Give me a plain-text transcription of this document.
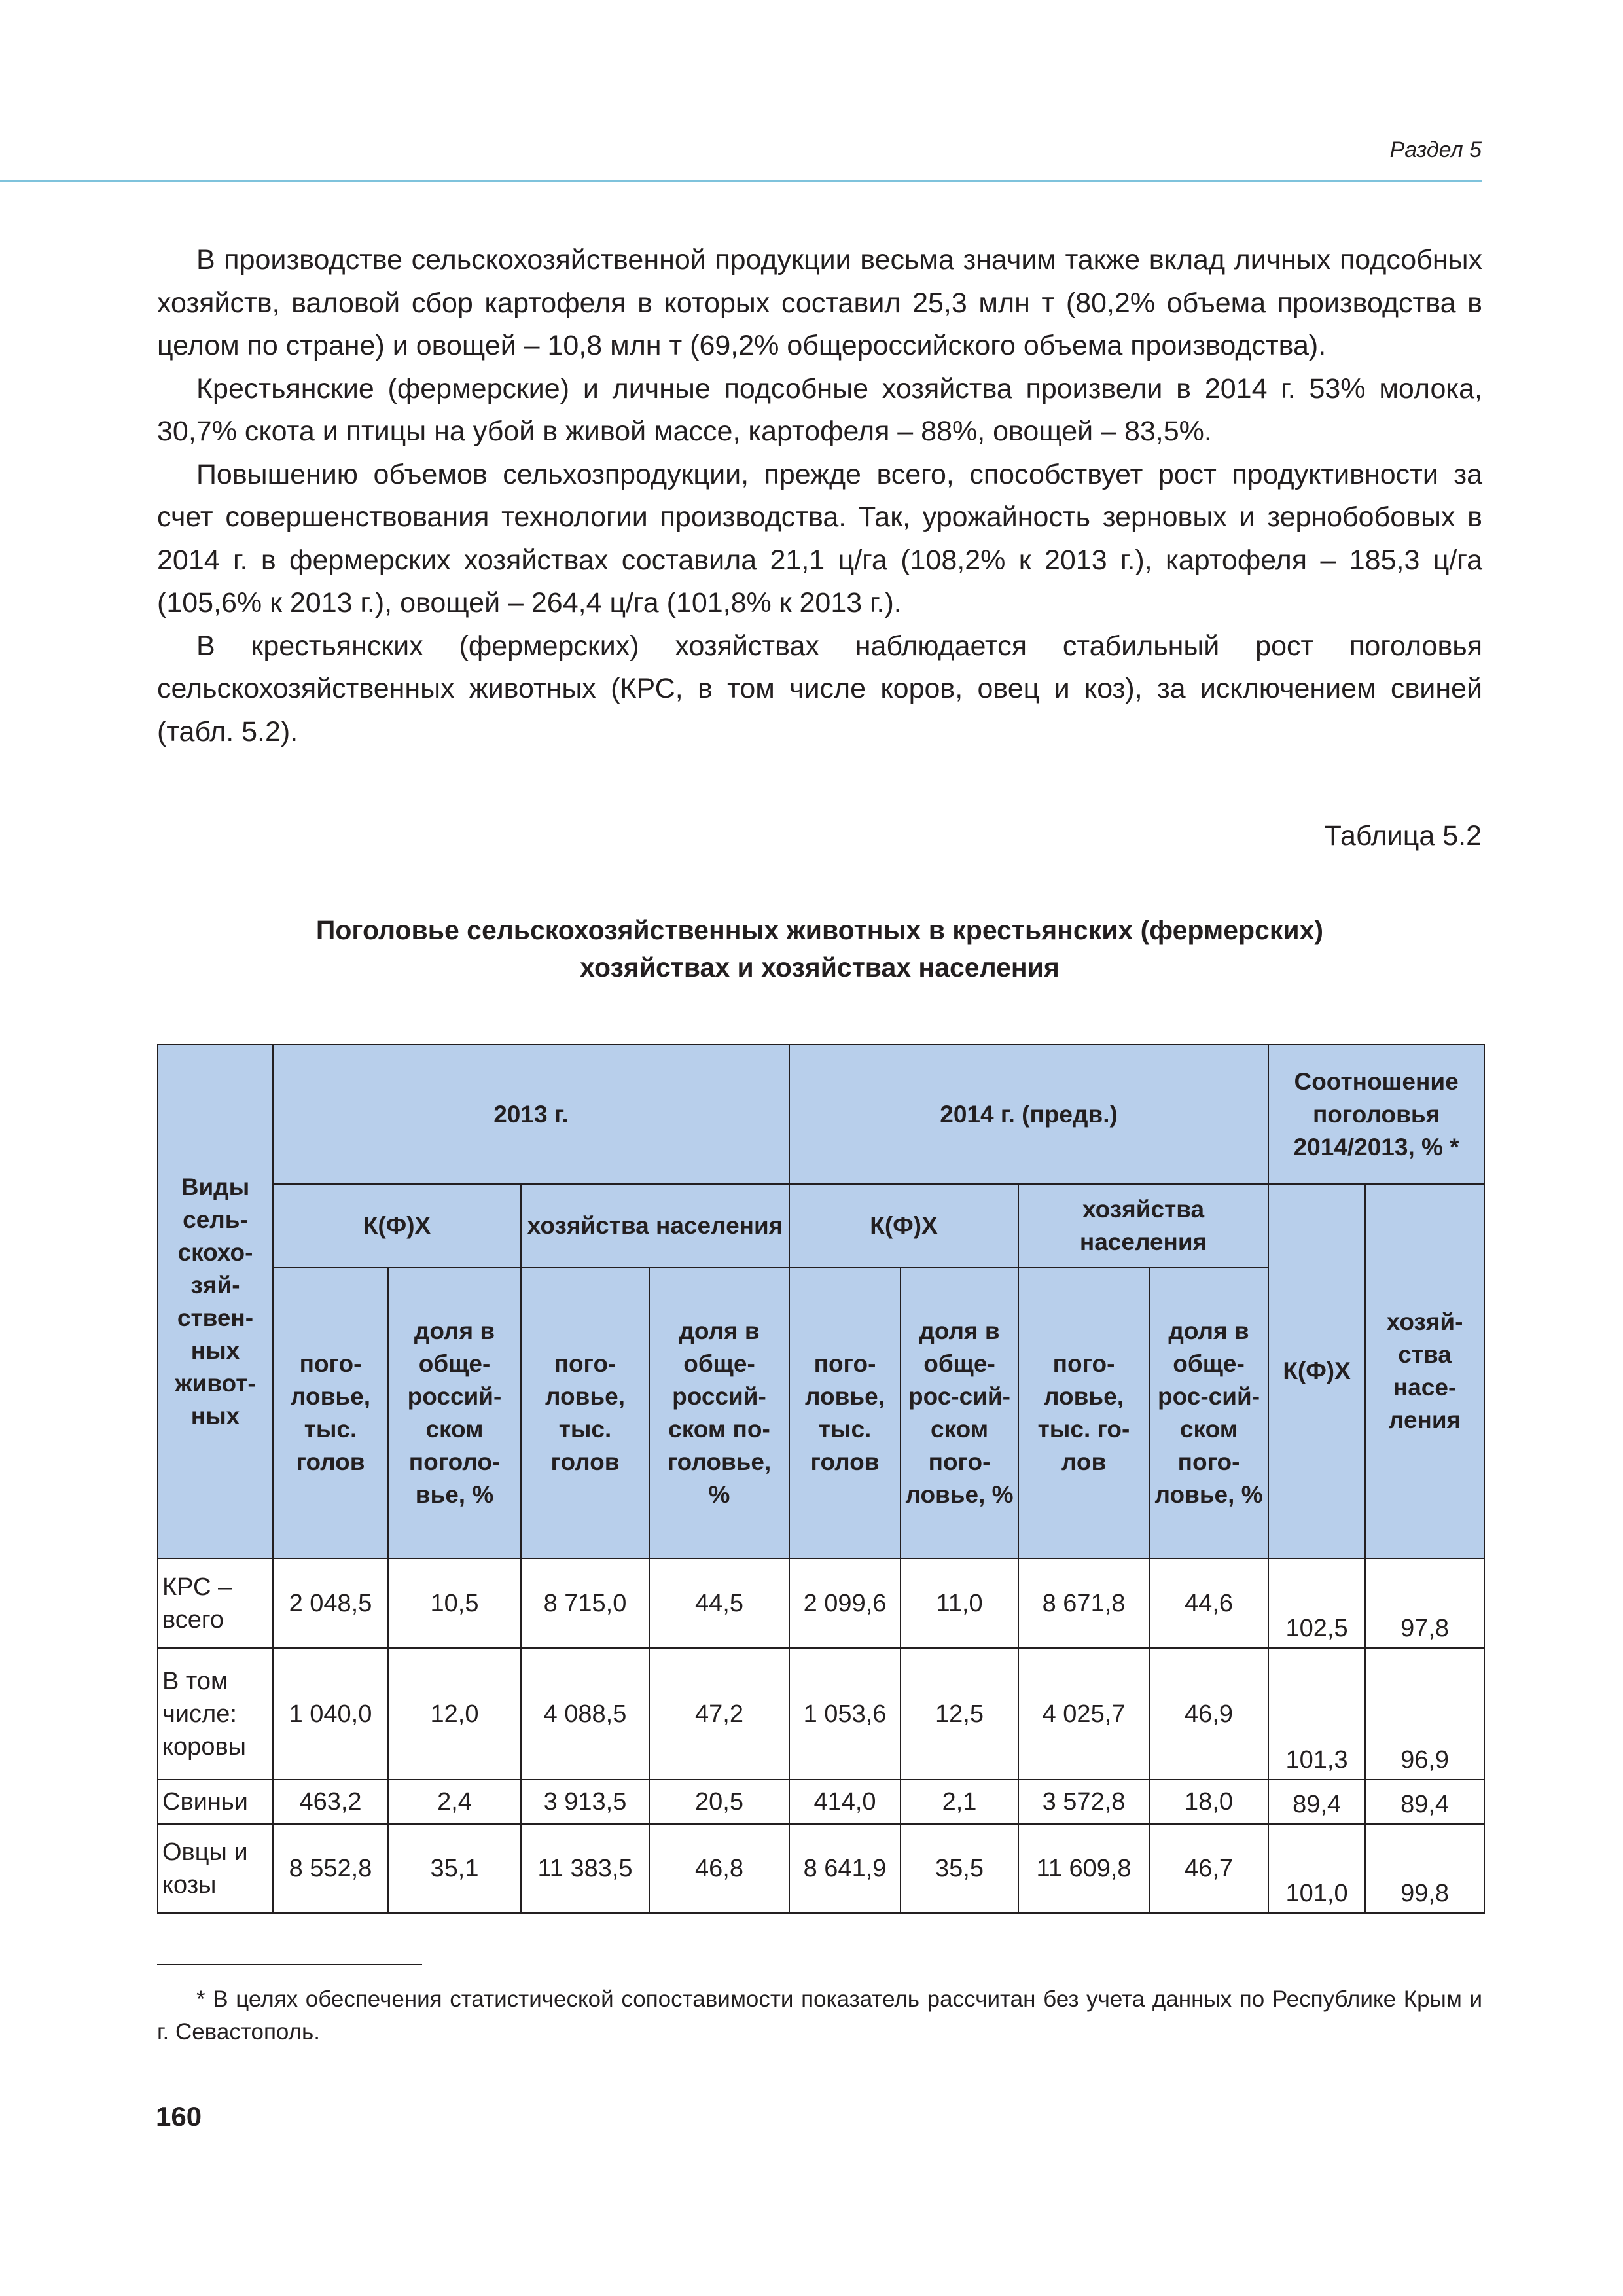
Раздел 5

В производстве сельскохозяйственной продукции весьма значим также вклад личных подсобных хозяйств, валовой сбор картофеля в которых составил 25,3 млн т (80,2% объема производства в целом по стране) и овощей – 10,8 млн т (69,2% общероссийского объема производства).

Крестьянские (фермерские) и личные подсобные хозяйства произвели в 2014 г. 53% молока, 30,7% скота и птицы на убой в живой массе, картофеля – 88%, овощей – 83,5%.

Повышению объемов сельхозпродукции, прежде всего, способствует рост продуктивности за счет совершенствования технологии производства. Так, урожайность зерновых и зернобобовых в 2014 г. в фермерских хозяйствах составила 21,1 ц/га (108,2% к 2013 г.), картофеля – 185,3 ц/га (105,6% к 2013 г.), овощей – 264,4 ц/га (101,8% к 2013 г.).

В крестьянских (фермерских) хозяйствах наблюдается стабильный рост поголовья сельскохозяйственных животных (КРС, в том числе коров, овец и коз), за исключением свиней (табл. 5.2).

Таблица 5.2
Поголовье сельскохозяйственных животных в крестьянских (фермерских)
хозяйствах и хозяйствах населения
Виды сель-скохо-зяй-ствен-ных живот-ных	2013 г.				2014 г. (предв.)				Соотношение поголовья 2014/2013, % *	
	К(Ф)Х		хозяйства населения		К(Ф)Х		хозяйства населения		К(Ф)Х	хозяй-ства насе-ления
	пого-ловье, тыс. голов	доля в обще-россий-ском поголо-вье, %	пого-ловье, тыс. голов	доля в обще-россий-ском по-головье, %	пого-ловье, тыс. голов	доля в обще-рос-сий-ском пого-ловье, %	пого-ловье, тыс. го-лов	доля в обще-рос-сий-ском пого-ловье, %		
КРС – всего	2 048,5	10,5	8 715,0	44,5	2 099,6	11,0	8 671,8	44,6	102,5	97,8
В том числе: коровы	1 040,0	12,0	4 088,5	47,2	1 053,6	12,5	4 025,7	46,9	101,3	96,9
Свиньи	463,2	2,4	3 913,5	20,5	414,0	2,1	3 572,8	18,0	89,4	89,4
Овцы и козы	8 552,8	35,1	11 383,5	46,8	8 641,9	35,5	11 609,8	46,7	101,0	99,8

* В целях обеспечения статистической сопоставимости показатель рассчитан без учета данных по Республике Крым и г. Севастополь.

160
